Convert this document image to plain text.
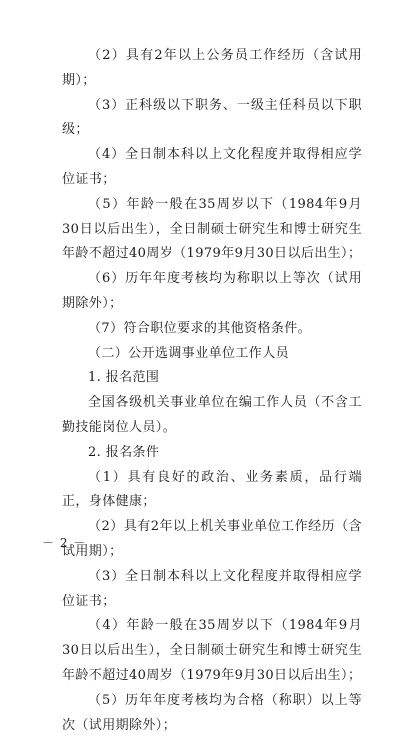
（2）具有2年以上公务员工作经历（含试用期）；

（3）正科级以下职务、一级主任科员以下职级；

（4）全日制本科以上文化程度并取得相应学位证书；

（5）年龄一般在35周岁以下（1984年9月30日以后出生），全日制硕士研究生和博士研究生年龄不超过40周岁（1979年9月30日以后出生）；

（6）历年年度考核均为称职以上等次（试用期除外）；

（7）符合职位要求的其他资格条件。

（二）公开选调事业单位工作人员

1. 报名范围

全国各级机关事业单位在编工作人员（不含工勤技能岗位人员）。

2. 报名条件

（1）具有良好的政治、业务素质，品行端正，身体健康；

（2）具有2年以上机关事业单位工作经历（含试用期）；

（3）全日制本科以上文化程度并取得相应学位证书；

（4）年龄一般在35周岁以下（1984年9月30日以后出生），全日制硕士研究生和博士研究生年龄不超过40周岁（1979年9月30日以后出生）；

（5）历年年度考核均为合格（称职）以上等次（试用期除外）；

－ 2 －
